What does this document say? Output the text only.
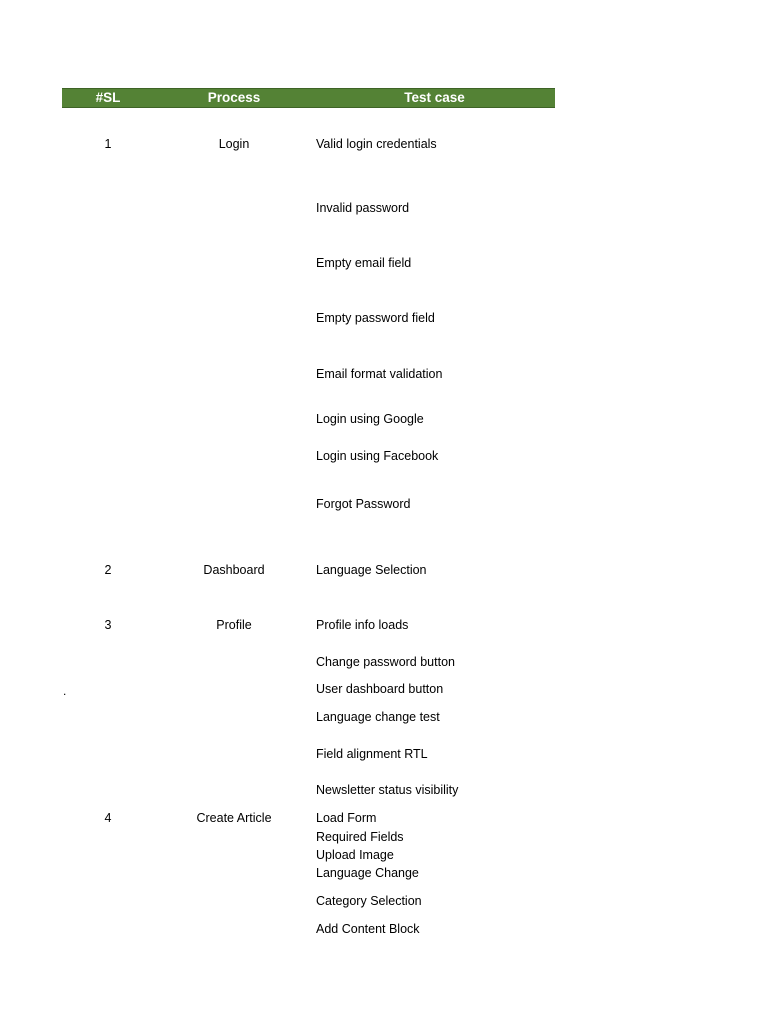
#SL	Process	Test case
1	Login	Valid login credentials
Invalid password
Empty email field
Empty password field
Email format validation
Login using Google
Login using Facebook
Forgot Password
2	Dashboard	Language Selection
3	Profile	Profile info loads
Change password button
User dashboard button
Language change test
Field alignment RTL
Newsletter status visibility
4	Create Article	Load Form
Required Fields
Upload Image
Language Change
Category Selection
Add Content Block
.
